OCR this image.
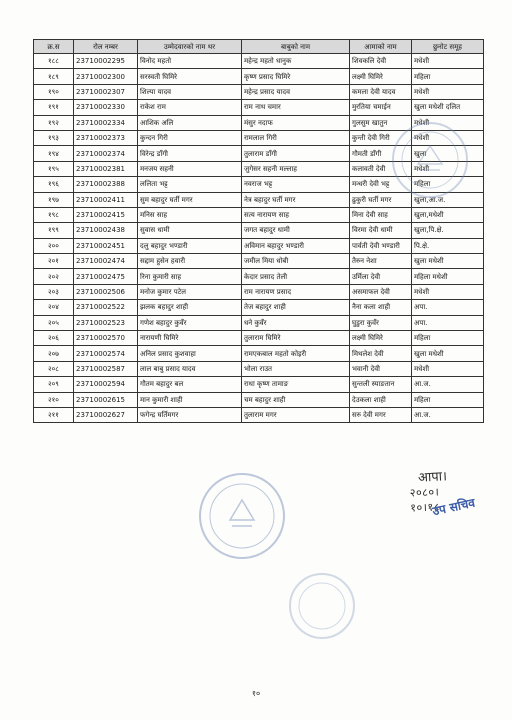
क्र.स	रोल नम्बर	उम्मेदवारको नाम थर	बाबुको नाम	आमाको नाम	छुनोट समूह
१८८	23710002295	विनोद महतो	महेन्द्र महतो धानुक	शिवकलि देवी	मधेशी
१८९	23710002300	सरस्वती घिमिरे	कृष्ण प्रसाद घिमिरे	लक्ष्मी घिमिरे	महिला
१९०	23710002307	शिल्पा यादव	महेन्द्र प्रसाद यादव	कमला देवी यादव	मधेशी
१९१	23710002330	राकेश राम	राम नाथ चमार	मुरतिया चमाईन	खुला मधेशी दलित
१९२	23710002334	आशिक अलि	मंसुर नदाफ	गुलसुम खातुन	मधेशी
१९३	23710002373	कुन्दन गिरी	रामलाल गिरी	कुन्ती देवी गिरी	मधेशी
१९४	23710002374	विरेन्द्र डाँगी	तुलाराम डाँगी	गौमती डाँगी	खुला
१९५	23710002381	मनजय सहनी	जुगेसर सहनी मल्लाह	कलावती देवी	मधेशी
१९६	23710002388	ललिता भट्ट	नवराज भट्ट	मन्धरी देवी भट्ट	महिला
१९७	23710002411	सुम बहादुर घर्ती मगर	नेत्र बहादुर घर्ती मगर	ढुकुरी घर्ती मगर	खुला,आ.ज.
१९८	23710002415	मनिस साह	सत्य नारायण साह	मिना देवी साह	खुला,मधेशी
१९९	23710002438	सुवास धामी	जगत बहादुर धामी	विरमा देवी धामी	खुला,पि.क्षे.
२००	23710002451	दलु बहादुर भण्डारी	अविमान बहादुर भण्डारी	पार्वती देवी भण्डारी	पि.क्षे.
२०१	23710002474	सद्दाम हुसेन हवारी	जमील मिया धोबी	तैरुन नेशा	खुला मधेशी
२०२	23710002475	रिना कुमारी साह	केदार प्रसाद तेली	उर्मिला देवी	महिला मधेशी
२०३	23710002506	मनोज कुमार पटेल	राम नारायण प्रसाद	असमाफल देवी	मधेशी
२०४	23710002522	झलक बहादुर शाही	तेज बहादुर शाही	नैना कला शाही	अपा.
२०५	23710002523	गणेश बहादुर कुवँर	धने कुवँर	घुडुरा कुवँर	अपा.
२०६	23710002570	नारायणी घिमिरे	तुलाराम घिमिरे	लक्ष्मी घिमिरे	महिला
२०७	23710002574	अनिल प्रसाद कुशवाहा	रामएकबाल महतो कोइरी	मिथलेश देवी	खुला मधेशी
२०८	23710002587	लाल बाबु प्रसाद यादव	भोला राउत	भवानी देवी	मधेशी
२०९	23710002594	गौतम बहादुर बल	राधा कृष्ण तामाङ	सुन्तली स्याङतान	आ.ज.
२१०	23710002615	मान कुमारी शाही	चम बहादुर शाही	देउकला शाही	महिला
२११	23710002627	फगेन्द्र घर्तिमगर	तुलाराम मगर	सरु देवी मगर	आ.ज.
आपा।
२०८०।१०।१८
उप सचिव
१०
